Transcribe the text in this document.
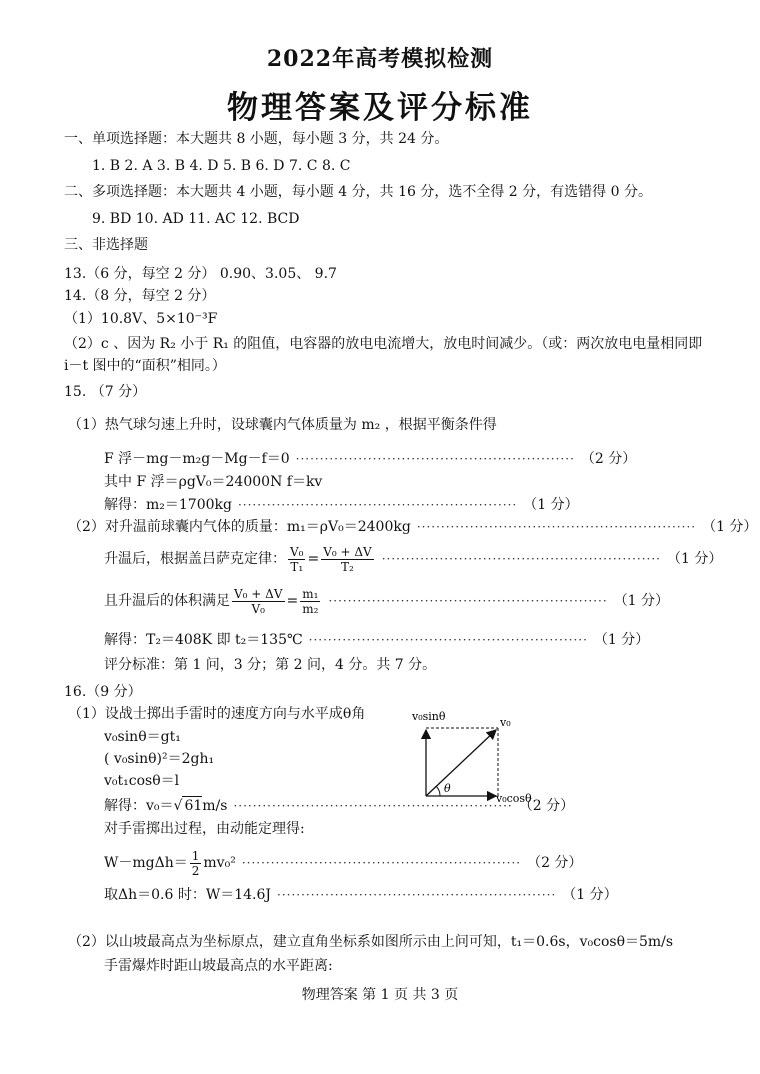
2022年高考模拟检测
物理答案及评分标准
一、单项选择题：本大题共 8 小题，每小题 3 分，共 24 分。
1. B 2. A 3. B 4. D 5. B 6. D 7. C 8. C
二、多项选择题：本大题共 4 小题，每小题 4 分，共 16 分，选不全得 2 分，有选错得 0 分。
9. BD 10. AD 11. AC 12. BCD
三、非选择题
13.（6 分，每空 2 分） 0.90、3.05、 9.7
14.（8 分，每空 2 分）
（1）10.8V、5×10⁻³F
（2）c 、因为 R₂ 小于 R₁ 的阻值，电容器的放电电流增大，放电时间减少。（或：两次放电电量相同即 i－t 图中的“面积”相同。）
15. （7 分）
（1）热气球匀速上升时，设球囊内气体质量为 m₂ ，根据平衡条件得
F 浮－mg－m₂g－Mg－f＝0 ·························································· （2 分）
其中 F 浮＝ρgV₀＝24000N f＝kv
解得：m₂＝1700kg ·························································· （1 分）
（2）对升温前球囊内气体的质量：m₁＝ρV₀＝2400kg ·························································· （1 分）
升温后，根据盖吕萨克定律： $\frac{\text{V₀}}{\text{T₁}} = \frac{\text{V₀ + ΔV}}{\text{T₂}}$ ·························································· （1 分）
且升温后的体积满足 $\frac{\text{V₀ + ΔV}}{\text{V₀}} = \frac{\text{m₁}}{\text{m₂}}$ ·························································· （1 分）
解得：T₂＝408K 即 t₂＝135℃ ·························································· （1 分）
评分标准：第 1 问，3 分；第 2 问，4 分。共 7 分。
16.（9 分）
（1）设战士掷出手雷时的速度方向与水平成θ角
v₀sinθ＝gt₁
( v₀sinθ)²＝2gh₁
v₀t₁cosθ＝l
解得：v₀＝ √ 61 m/s ·························································· （2 分）
对手雷掷出过程，由动能定理得:
$W-mg\Delta h= \frac{1}{2} mv_0^2$ ·························································· （2 分）
取Δh＝0.6 时：W＝14.6J ·························································· （1 分）
（2）以山坡最高点为坐标原点，建立直角坐标系如图所示由上问可知，t₁＝0.6s，v₀cosθ＝5m/s
手雷爆炸时距山坡最高点的水平距离:
v₀sinθ	v₀
v₀cosθ
θ
物理答案 第 1 页 共 3 页
